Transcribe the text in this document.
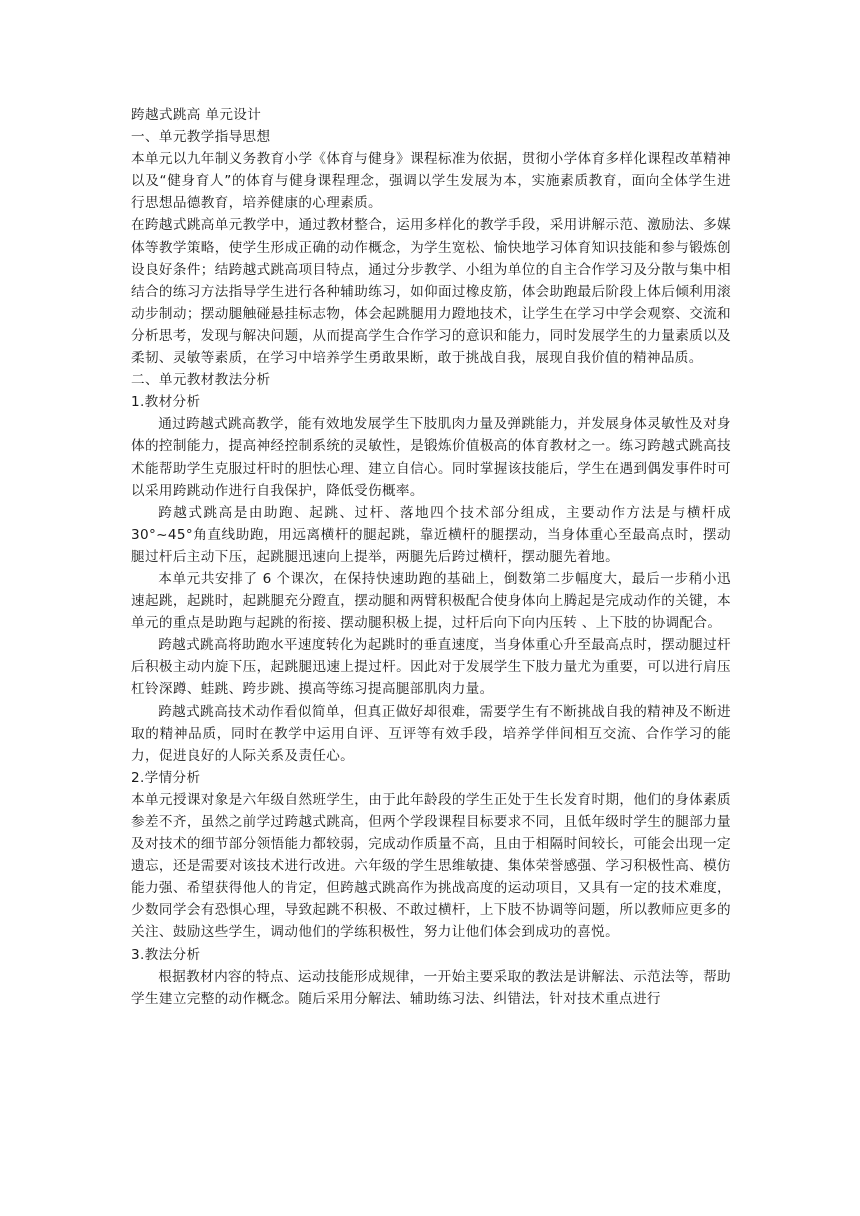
跨越式跳高 单元设计

一、单元教学指导思想

本单元以九年制义务教育小学《体育与健身》课程标准为依据，贯彻小学体育多样化课程改革精神以及“健身育人”的体育与健身课程理念，强调以学生发展为本，实施素质教育，面向全体学生进行思想品德教育，培养健康的心理素质。

在跨越式跳高单元教学中，通过教材整合，运用多样化的教学手段，采用讲解示范、激励法、多媒体等教学策略，使学生形成正确的动作概念，为学生宽松、愉快地学习体育知识技能和参与锻炼创设良好条件；结跨越式跳高项目特点，通过分步教学、小组为单位的自主合作学习及分散与集中相结合的练习方法指导学生进行各种辅助练习，如仰面过橡皮筋，体会助跑最后阶段上体后倾利用滚动步制动；摆动腿触碰悬挂标志物，体会起跳腿用力蹬地技术，让学生在学习中学会观察、交流和分析思考，发现与解决问题，从而提高学生合作学习的意识和能力，同时发展学生的力量素质以及柔韧、灵敏等素质，在学习中培养学生勇敢果断，敢于挑战自我，展现自我价值的精神品质。

二、单元教材教法分析

1.教材分析

通过跨越式跳高教学，能有效地发展学生下肢肌肉力量及弹跳能力，并发展身体灵敏性及对身体的控制能力，提高神经控制系统的灵敏性，是锻炼价值极高的体育教材之一。练习跨越式跳高技术能帮助学生克服过杆时的胆怯心理、建立自信心。同时掌握该技能后，学生在遇到偶发事件时可以采用跨跳动作进行自我保护，降低受伤概率。

跨越式跳高是由助跑、起跳、过杆、落地四个技术部分组成，主要动作方法是与横杆成 30°~45°角直线助跑，用远离横杆的腿起跳，靠近横杆的腿摆动，当身体重心至最高点时，摆动腿过杆后主动下压，起跳腿迅速向上提举，两腿先后跨过横杆，摆动腿先着地。

本单元共安排了 6 个课次，在保持快速助跑的基础上，倒数第二步幅度大，最后一步稍小迅速起跳，起跳时，起跳腿充分蹬直，摆动腿和两臂积极配合使身体向上腾起是完成动作的关键，本单元的重点是助跑与起跳的衔接、摆动腿积极上提，过杆后向下向内压转 、上下肢的协调配合。

跨越式跳高将助跑水平速度转化为起跳时的垂直速度，当身体重心升至最高点时，摆动腿过杆后积极主动内旋下压，起跳腿迅速上提过杆。因此对于发展学生下肢力量尤为重要，可以进行肩压杠铃深蹲、蛙跳、跨步跳、摸高等练习提高腿部肌肉力量。

跨越式跳高技术动作看似简单，但真正做好却很难，需要学生有不断挑战自我的精神及不断进取的精神品质，同时在教学中运用自评、互评等有效手段，培养学伴间相互交流、合作学习的能力，促进良好的人际关系及责任心。

2.学情分析

本单元授课对象是六年级自然班学生，由于此年龄段的学生正处于生长发育时期，他们的身体素质参差不齐，虽然之前学过跨越式跳高，但两个学段课程目标要求不同，且低年级时学生的腿部力量及对技术的细节部分领悟能力都较弱，完成动作质量不高，且由于相隔时间较长，可能会出现一定遗忘，还是需要对该技术进行改进。六年级的学生思维敏捷、集体荣誉感强、学习积极性高、模仿能力强、希望获得他人的肯定，但跨越式跳高作为挑战高度的运动项目，又具有一定的技术难度，少数同学会有恐惧心理，导致起跳不积极、不敢过横杆，上下肢不协调等问题，所以教师应更多的关注、鼓励这些学生，调动他们的学练积极性，努力让他们体会到成功的喜悦。

3.教法分析

根据教材内容的特点、运动技能形成规律，一开始主要采取的教法是讲解法、示范法等，帮助学生建立完整的动作概念。随后采用分解法、辅助练习法、纠错法，针对技术重点进行
